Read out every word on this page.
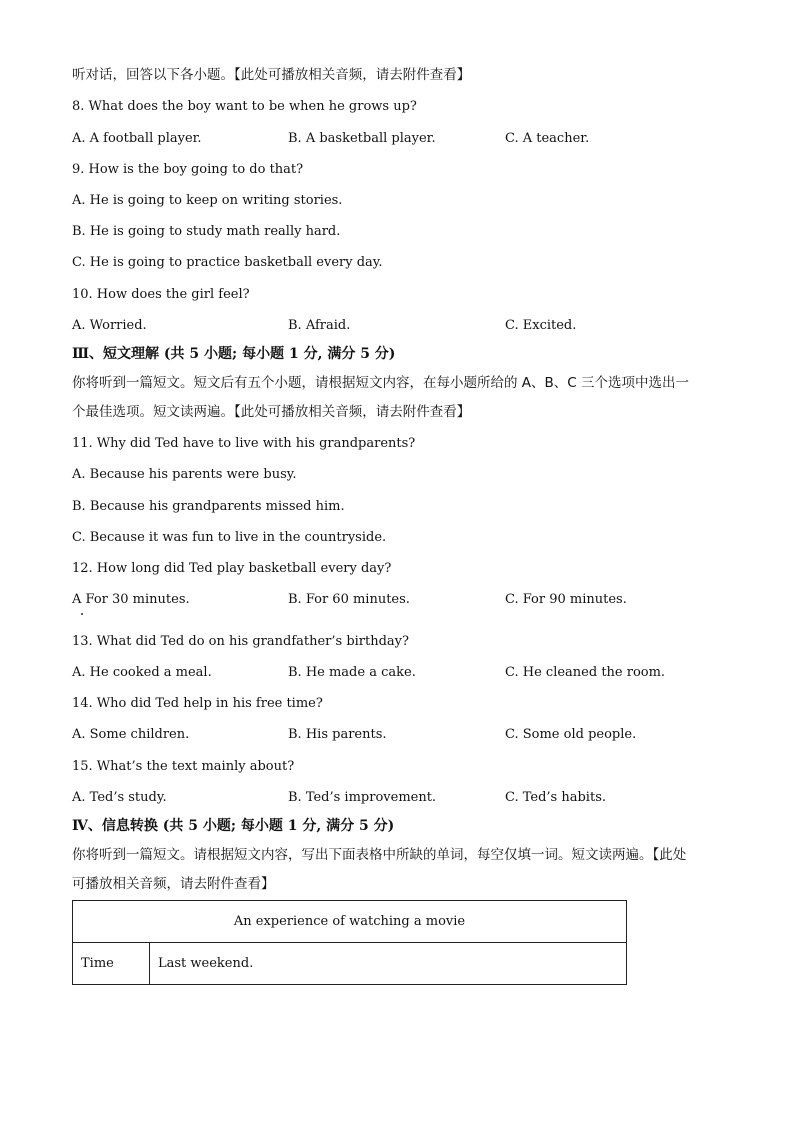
听对话，回答以下各小题。【此处可播放相关音频，请去附件查看】
8. What does the boy want to be when he grows up?
A. A football player.	B. A basketball player.	C. A teacher.
9. How is the boy going to do that?
A. He is going to keep on writing stories.
B. He is going to study math really hard.
C. He is going to practice basketball every day.
10. How does the girl feel?
A. Worried.	B. Afraid.	C. Excited.
Ⅲ、短文理解 (共 5 小题; 每小题 1 分, 满分 5 分)
你将听到一篇短文。短文后有五个小题，请根据短文内容，在每小题所给的 A、B、C 三个选项中选出一
个最佳选项。短文读两遍。【此处可播放相关音频，请去附件查看】
11. Why did Ted have to live with his grandparents?
A. Because his parents were busy.
B. Because his grandparents missed him.
C. Because it was fun to live in the countryside.
12. How long did Ted play basketball every day?
A For 30 minutes.	B. For 60 minutes.	C. For 90 minutes.
13. What did Ted do on his grandfather’s birthday?
A. He cooked a meal.	B. He made a cake.	C. He cleaned the room.
14. Who did Ted help in his free time?
A. Some children.	B. His parents.	C. Some old people.
15. What’s the text mainly about?
A. Ted’s study.	B. Ted’s improvement.	C. Ted’s habits.
Ⅳ、信息转换 (共 5 小题; 每小题 1 分, 满分 5 分)
你将听到一篇短文。请根据短文内容，写出下面表格中所缺的单词，每空仅填一词。短文读两遍。【此处
可播放相关音频，请去附件查看】
An experience of watching a movie
Time	Last weekend.
